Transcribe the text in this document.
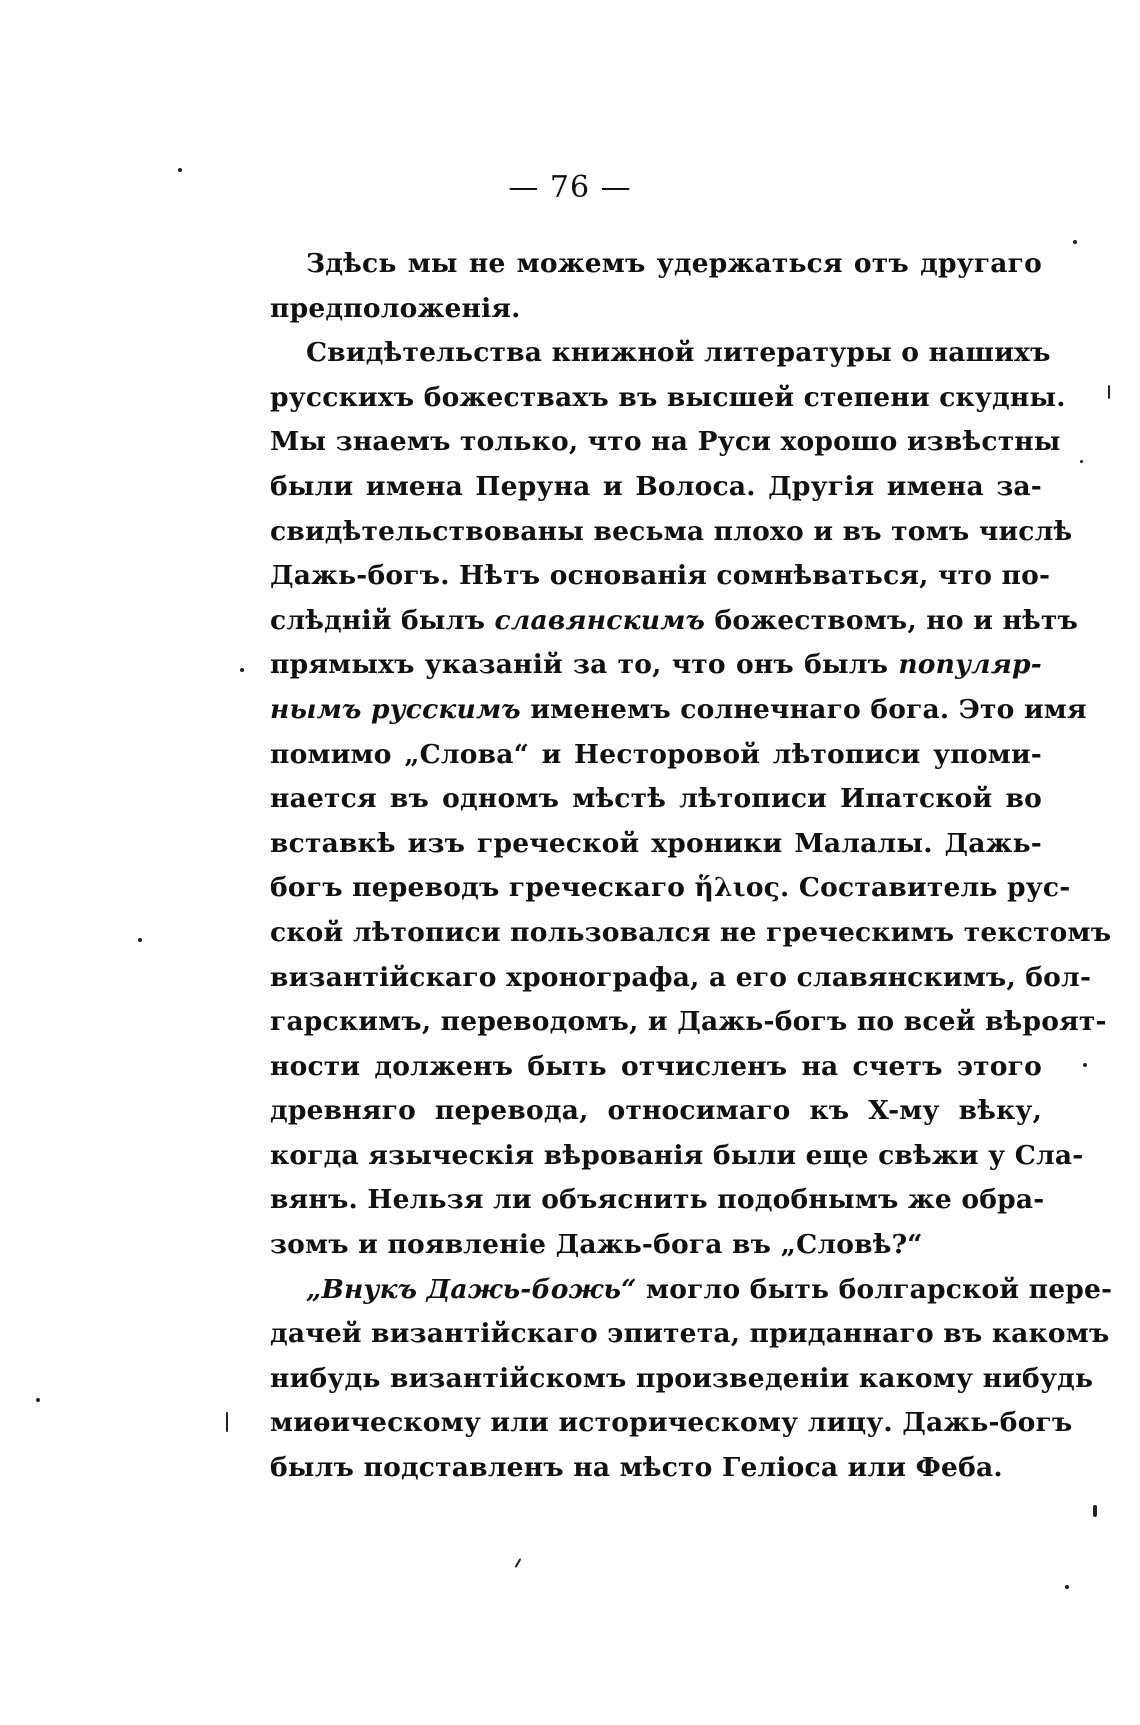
— 76 —
Здѣсь мы не можемъ удержаться отъ другаго
предположенія.
Свидѣтельства книжной литературы о нашихъ
русскихъ божествахъ въ высшей степени скудны.
Мы знаемъ только, что на Руси хорошо извѣстны
были имена Перуна и Волоса. Другія имена за-
свидѣтельствованы весьма плохо и въ томъ числѣ
Дажь-богъ. Нѣтъ основанія сомнѣваться, что по-
слѣдній былъ славянскимъ божествомъ, но и нѣтъ
прямыхъ указаній за то, что онъ былъ популяр-
нымъ русскимъ именемъ солнечнаго бога. Это имя
помимо „Слова“ и Несторовой лѣтописи упоми-
нается въ одномъ мѣстѣ лѣтописи Ипатской во
вставкѣ изъ греческой хроники Малалы. Дажь-
богъ переводъ греческаго ἥλιος. Составитель рус-
ской лѣтописи пользовался не греческимъ текстомъ
византійскаго хронографа, а его славянскимъ, бол-
гарскимъ, переводомъ, и Дажь-богъ по всей вѣроят-
ности долженъ быть отчисленъ на счетъ этого
древняго перевода, относимаго къ X-му вѣку,
когда языческія вѣрованія были еще свѣжи у Сла-
вянъ. Нельзя ли объяснить подобнымъ же обра-
зомъ и появленіе Дажь-бога въ „Словѣ?“
„Внукъ Дажь-божь“ могло быть болгарской пере-
дачей византійскаго эпитета, приданнаго въ какомъ
нибудь византійскомъ произведеніи какому нибудь
миѳическому или историческому лицу. Дажь-богъ
былъ подставленъ на мѣсто Геліоса или Феба.
